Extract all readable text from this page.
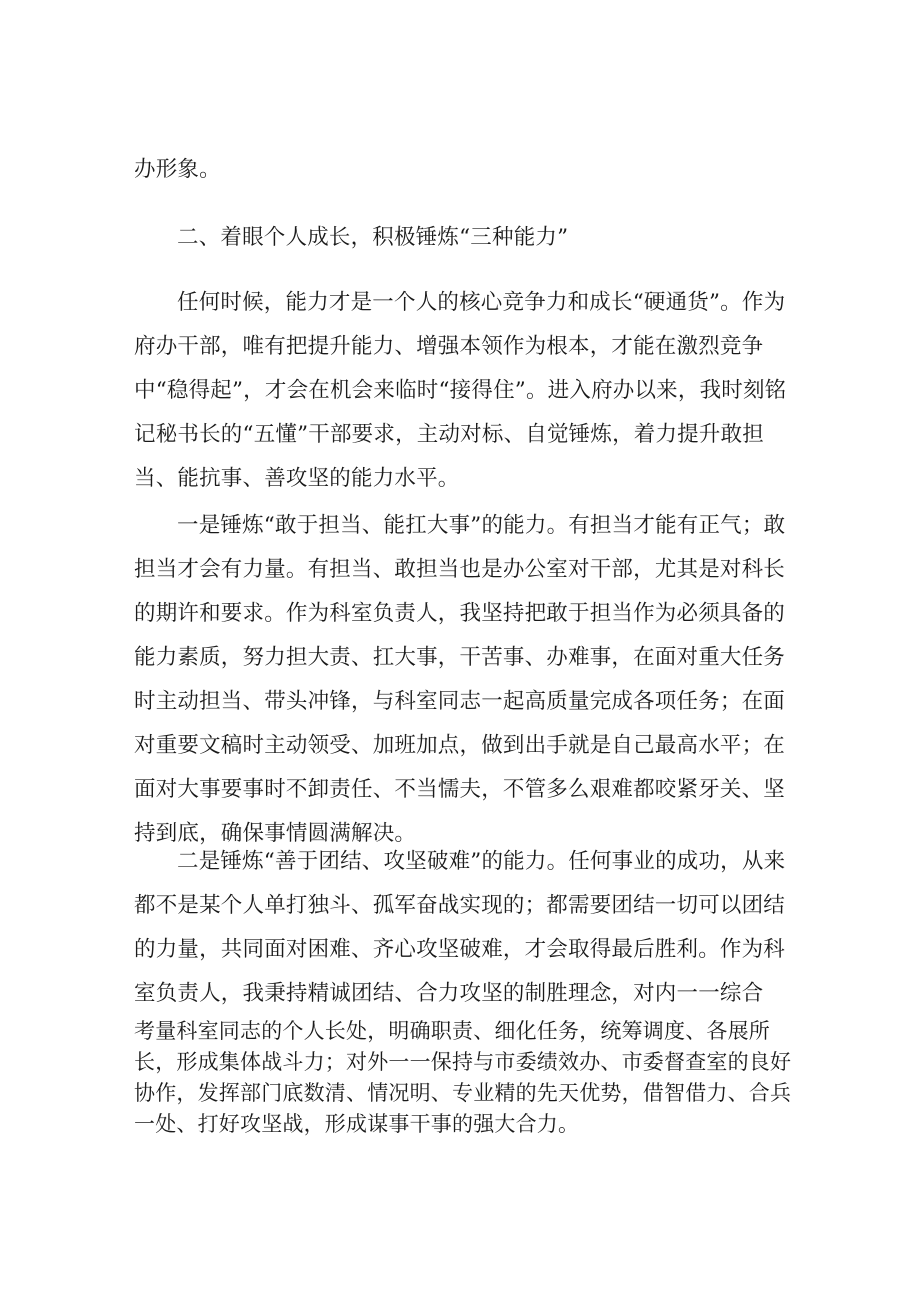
办形象。

二、着眼个人成长，积极锤炼“三种能力”

任何时候，能力才是一个人的核心竞争力和成长“硬通货”。作为府办干部，唯有把提升能力、增强本领作为根本，才能在激烈竞争中“稳得起”，才会在机会来临时“接得住”。进入府办以来，我时刻铭记秘书长的“五懂”干部要求，主动对标、自觉锤炼，着力提升敢担当、能抗事、善攻坚的能力水平。

一是锤炼“敢于担当、能扛大事”的能力。有担当才能有正气；敢担当才会有力量。有担当、敢担当也是办公室对干部，尤其是对科长的期许和要求。作为科室负责人，我坚持把敢于担当作为必须具备的能力素质，努力担大责、扛大事，干苦事、办难事，在面对重大任务时主动担当、带头冲锋，与科室同志一起高质量完成各项任务；在面对重要文稿时主动领受、加班加点，做到出手就是自己最高水平；在面对大事要事时不卸责任、不当懦夫，不管多么艰难都咬紧牙关、坚持到底，确保事情圆满解决。

二是锤炼“善于团结、攻坚破难”的能力。任何事业的成功，从来都不是某个人单打独斗、孤军奋战实现的；都需要团结一切可以团结的力量，共同面对困难、齐心攻坚破难，才会取得最后胜利。作为科室负责人，我秉持精诚团结、合力攻坚的制胜理念，对内一一综合

考量科室同志的个人长处，明确职责、细化任务，统筹调度、各展所长，形成集体战斗力；对外一一保持与市委绩效办、市委督查室的良好协作，发挥部门底数清、情况明、专业精的先天优势，借智借力、合兵一处、打好攻坚战，形成谋事干事的强大合力。
